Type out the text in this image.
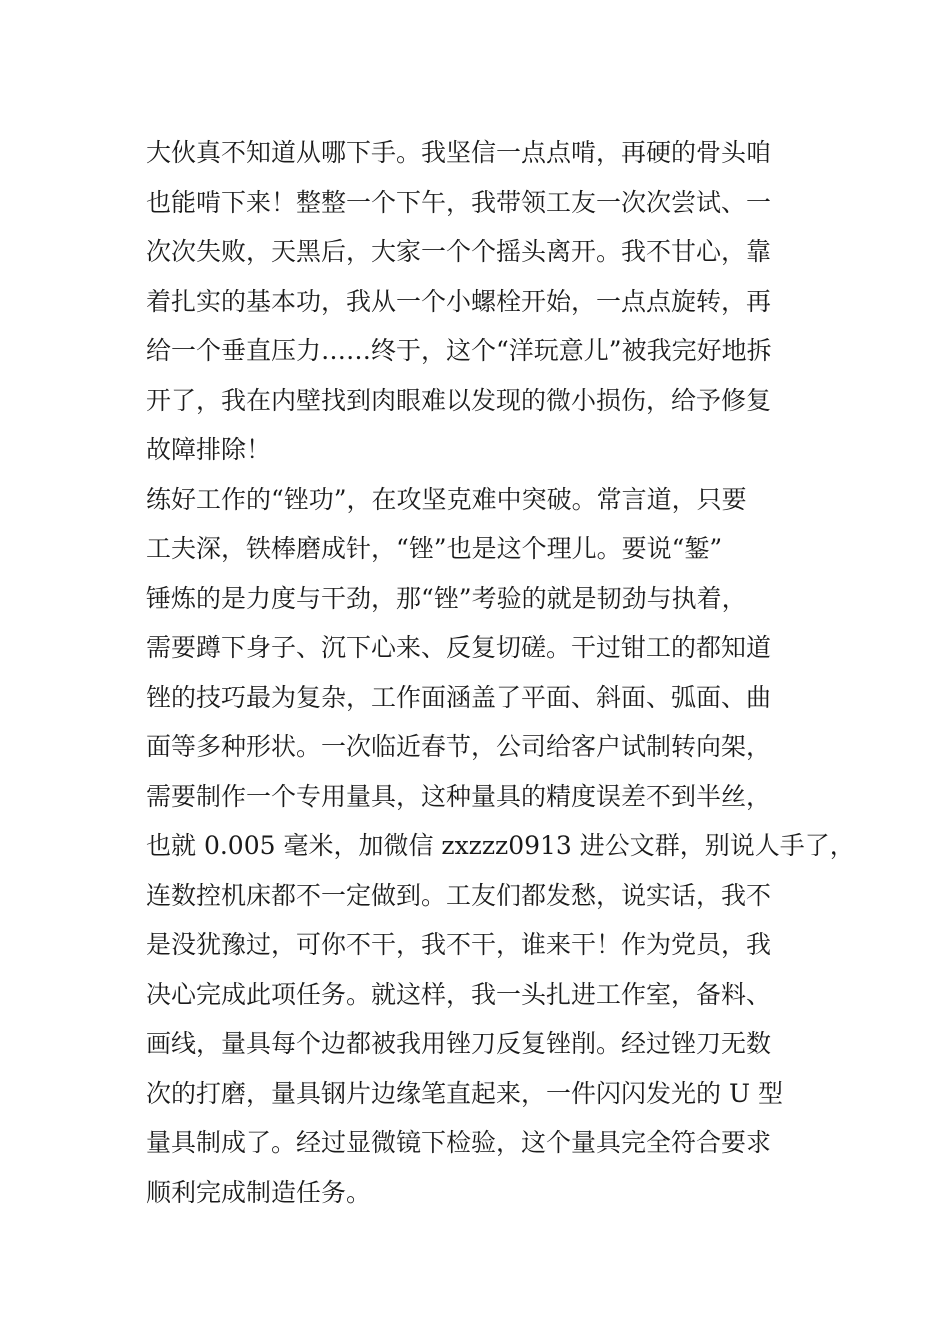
大伙真不知道从哪下手。我坚信一点点啃，再硬的骨头咱
也能啃下来！整整一个下午，我带领工友一次次尝试、一
次次失败，天黑后，大家一个个摇头离开。我不甘心，靠
着扎实的基本功，我从一个小螺栓开始，一点点旋转，再
给一个垂直压力……终于，这个“洋玩意儿”被我完好地拆
开了，我在内壁找到肉眼难以发现的微小损伤，给予修复
故障排除！
练好工作的“锉功”，在攻坚克难中突破。常言道，只要
工夫深，铁棒磨成针，“锉”也是这个理儿。要说“錾”
锤炼的是力度与干劲，那“锉”考验的就是韧劲与执着，
需要蹲下身子、沉下心来、反复切磋。干过钳工的都知道
锉的技巧最为复杂，工作面涵盖了平面、斜面、弧面、曲
面等多种形状。一次临近春节，公司给客户试制转向架，
需要制作一个专用量具，这种量具的精度误差不到半丝，
也就 0.005 毫米，加微信 zxzzz0913 进公文群，别说人手了，
连数控机床都不一定做到。工友们都发愁，说实话，我不
是没犹豫过，可你不干，我不干，谁来干！作为党员，我
决心完成此项任务。就这样，我一头扎进工作室，备料、
画线，量具每个边都被我用锉刀反复锉削。经过锉刀无数
次的打磨，量具钢片边缘笔直起来，一件闪闪发光的 U 型
量具制成了。经过显微镜下检验，这个量具完全符合要求
顺利完成制造任务。
